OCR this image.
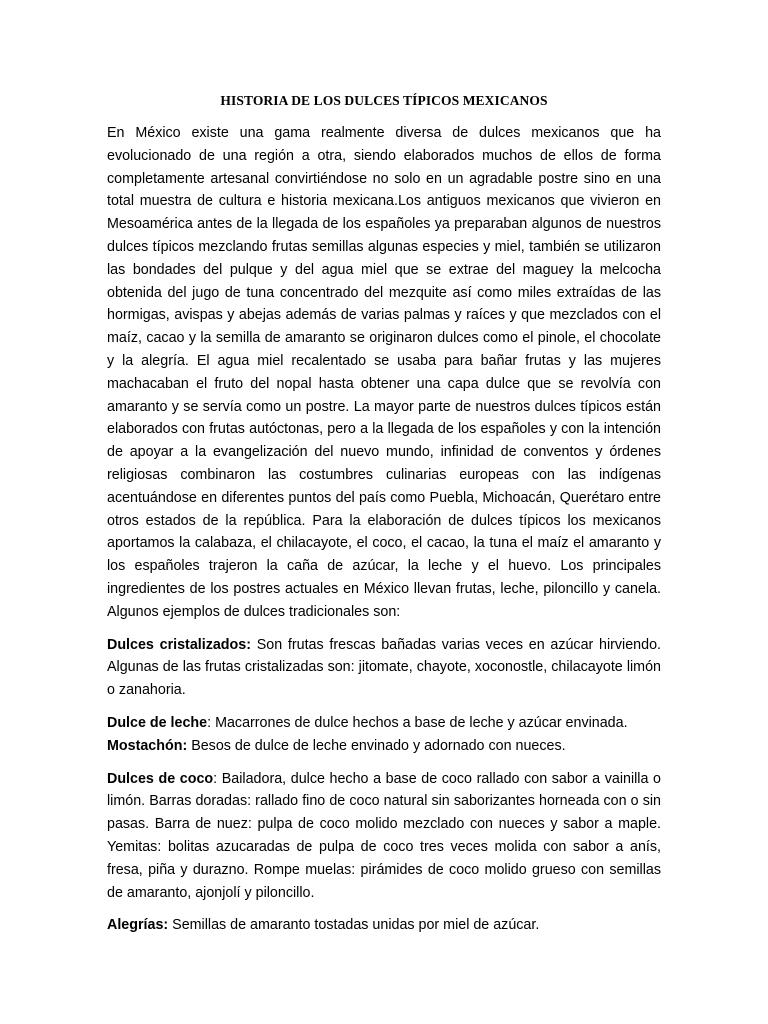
HISTORIA DE LOS DULCES TÍPICOS MEXICANOS

En México existe una gama realmente diversa de dulces mexicanos que ha evolucionado de una región a otra, siendo elaborados muchos de ellos de forma completamente artesanal convirtiéndose no solo en un agradable postre sino en una total muestra de cultura e historia mexicana.Los antiguos mexicanos que vivieron en Mesoamérica antes de la llegada de los españoles ya preparaban algunos de nuestros dulces típicos mezclando frutas semillas algunas especies y miel, también se utilizaron las bondades del pulque y del agua miel que se extrae del maguey la melcocha obtenida del jugo de tuna concentrado del mezquite así como miles extraídas de las hormigas, avispas y abejas además de varias palmas y raíces y que mezclados con el maíz, cacao y la semilla de amaranto se originaron dulces como el pinole, el chocolate y la alegría. El agua miel recalentado se usaba para bañar frutas y las mujeres machacaban el fruto del nopal hasta obtener una capa dulce que se revolvía con amaranto y se servía como un postre. La mayor parte de nuestros dulces típicos están elaborados con frutas autóctonas, pero a la llegada de los españoles y con la intención de apoyar a la evangelización del nuevo mundo, infinidad de conventos y órdenes religiosas combinaron las costumbres culinarias europeas con las indígenas acentuándose en diferentes puntos del país como Puebla, Michoacán, Querétaro entre otros estados de la república. Para la elaboración de dulces típicos los mexicanos aportamos la calabaza, el chilacayote, el coco, el cacao, la tuna el maíz el amaranto y los españoles trajeron la caña de azúcar, la leche y el huevo. Los principales ingredientes de los postres actuales en México llevan frutas, leche, piloncillo y canela. Algunos ejemplos de dulces tradicionales son:

Dulces cristalizados: Son frutas frescas bañadas varias veces en azúcar hirviendo. Algunas de las frutas cristalizadas son: jitomate, chayote, xoconostle, chilacayote limón o zanahoria.

Dulce de leche: Macarrones de dulce hechos a base de leche y azúcar envinada.
Mostachón: Besos de dulce de leche envinado y adornado con nueces.

Dulces de coco: Bailadora, dulce hecho a base de coco rallado con sabor a vainilla o limón. Barras doradas: rallado fino de coco natural sin saborizantes horneada con o sin pasas. Barra de nuez: pulpa de coco molido mezclado con nueces y sabor a maple. Yemitas: bolitas azucaradas de pulpa de coco tres veces molida con sabor a anís, fresa, piña y durazno. Rompe muelas: pirámides de coco molido grueso con semillas de amaranto, ajonjolí y piloncillo.

Alegrías: Semillas de amaranto tostadas unidas por miel de azúcar.
